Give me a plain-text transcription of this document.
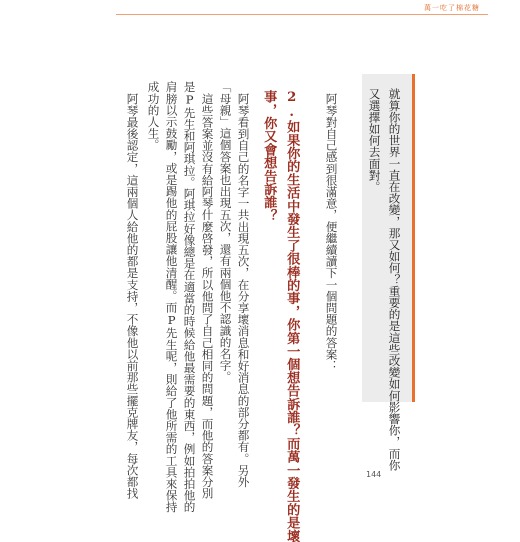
萬一吃了棉花糖
就算你的世界一直在改變，那又如何？重要的是這些改變如何影響你，而你
又選擇如何去面對。
阿琴對自己感到很滿意，便繼續讀下一個問題的答案：
2.如果你的生活中發生了很棒的事，你第一個想告訴誰？而萬一發生的是壞
事，你又會想告訴誰？
阿琴看到自己的名字一共出現五次，在分享壞消息和好消息的部分都有。另外
「母親」這個答案也出現五次，還有兩個他不認識的名字。
這些答案並沒有給阿琴什麼啓發，所以他問了自己相同的問題，而他的答案分別
是P先生和阿琪拉。阿琪拉好像總是在適當的時候給他最需要的東西，例如拍拍他的
肩膀以示鼓勵，或是踢他的屁股讓他清醒。而P先生呢，則給了他所需的工具來保持
成功的人生。
阿琴最後認定，這兩個人給他的都是支持，不像他以前那些擺克牌友，每次都找	144
